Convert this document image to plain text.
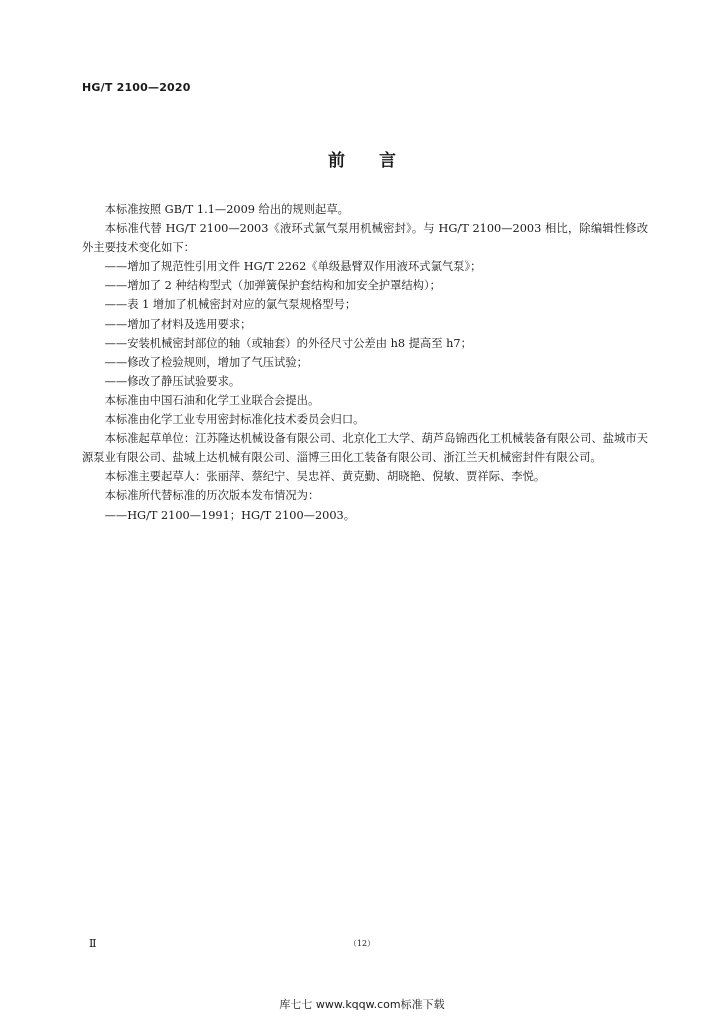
HG/T 2100—2020

前 言

本标准按照 GB/T 1.1—2009 给出的规则起草。

本标准代替 HG/T 2100—2003《液环式氯气泵用机械密封》。与 HG/T 2100—2003 相比，除编辑性修改外主要技术变化如下：

——增加了规范性引用文件 HG/T 2262《单级悬臂双作用液环式氯气泵》；

——增加了 2 种结构型式（加弹簧保护套结构和加安全护罩结构）；

——表 1 增加了机械密封对应的氯气泵规格型号；

——增加了材料及选用要求；

——安装机械密封部位的轴（或轴套）的外径尺寸公差由 h8 提高至 h7；

——修改了检验规则，增加了气压试验；

——修改了静压试验要求。

本标准由中国石油和化学工业联合会提出。

本标准由化学工业专用密封标准化技术委员会归口。

本标准起草单位：江苏隆达机械设备有限公司、北京化工大学、葫芦岛锦西化工机械装备有限公司、盐城市天源泵业有限公司、盐城上达机械有限公司、淄博三田化工装备有限公司、浙江兰天机械密封件有限公司。

本标准主要起草人：张丽萍、蔡纪宁、吴忠祥、黄克勤、胡晓艳、倪敏、贾祥际、李悦。

本标准所代替标准的历次版本发布情况为：

——HG/T 2100—1991；HG/T 2100—2003。

Ⅱ	（12）

库七七 www.kqqw.com标准下载
